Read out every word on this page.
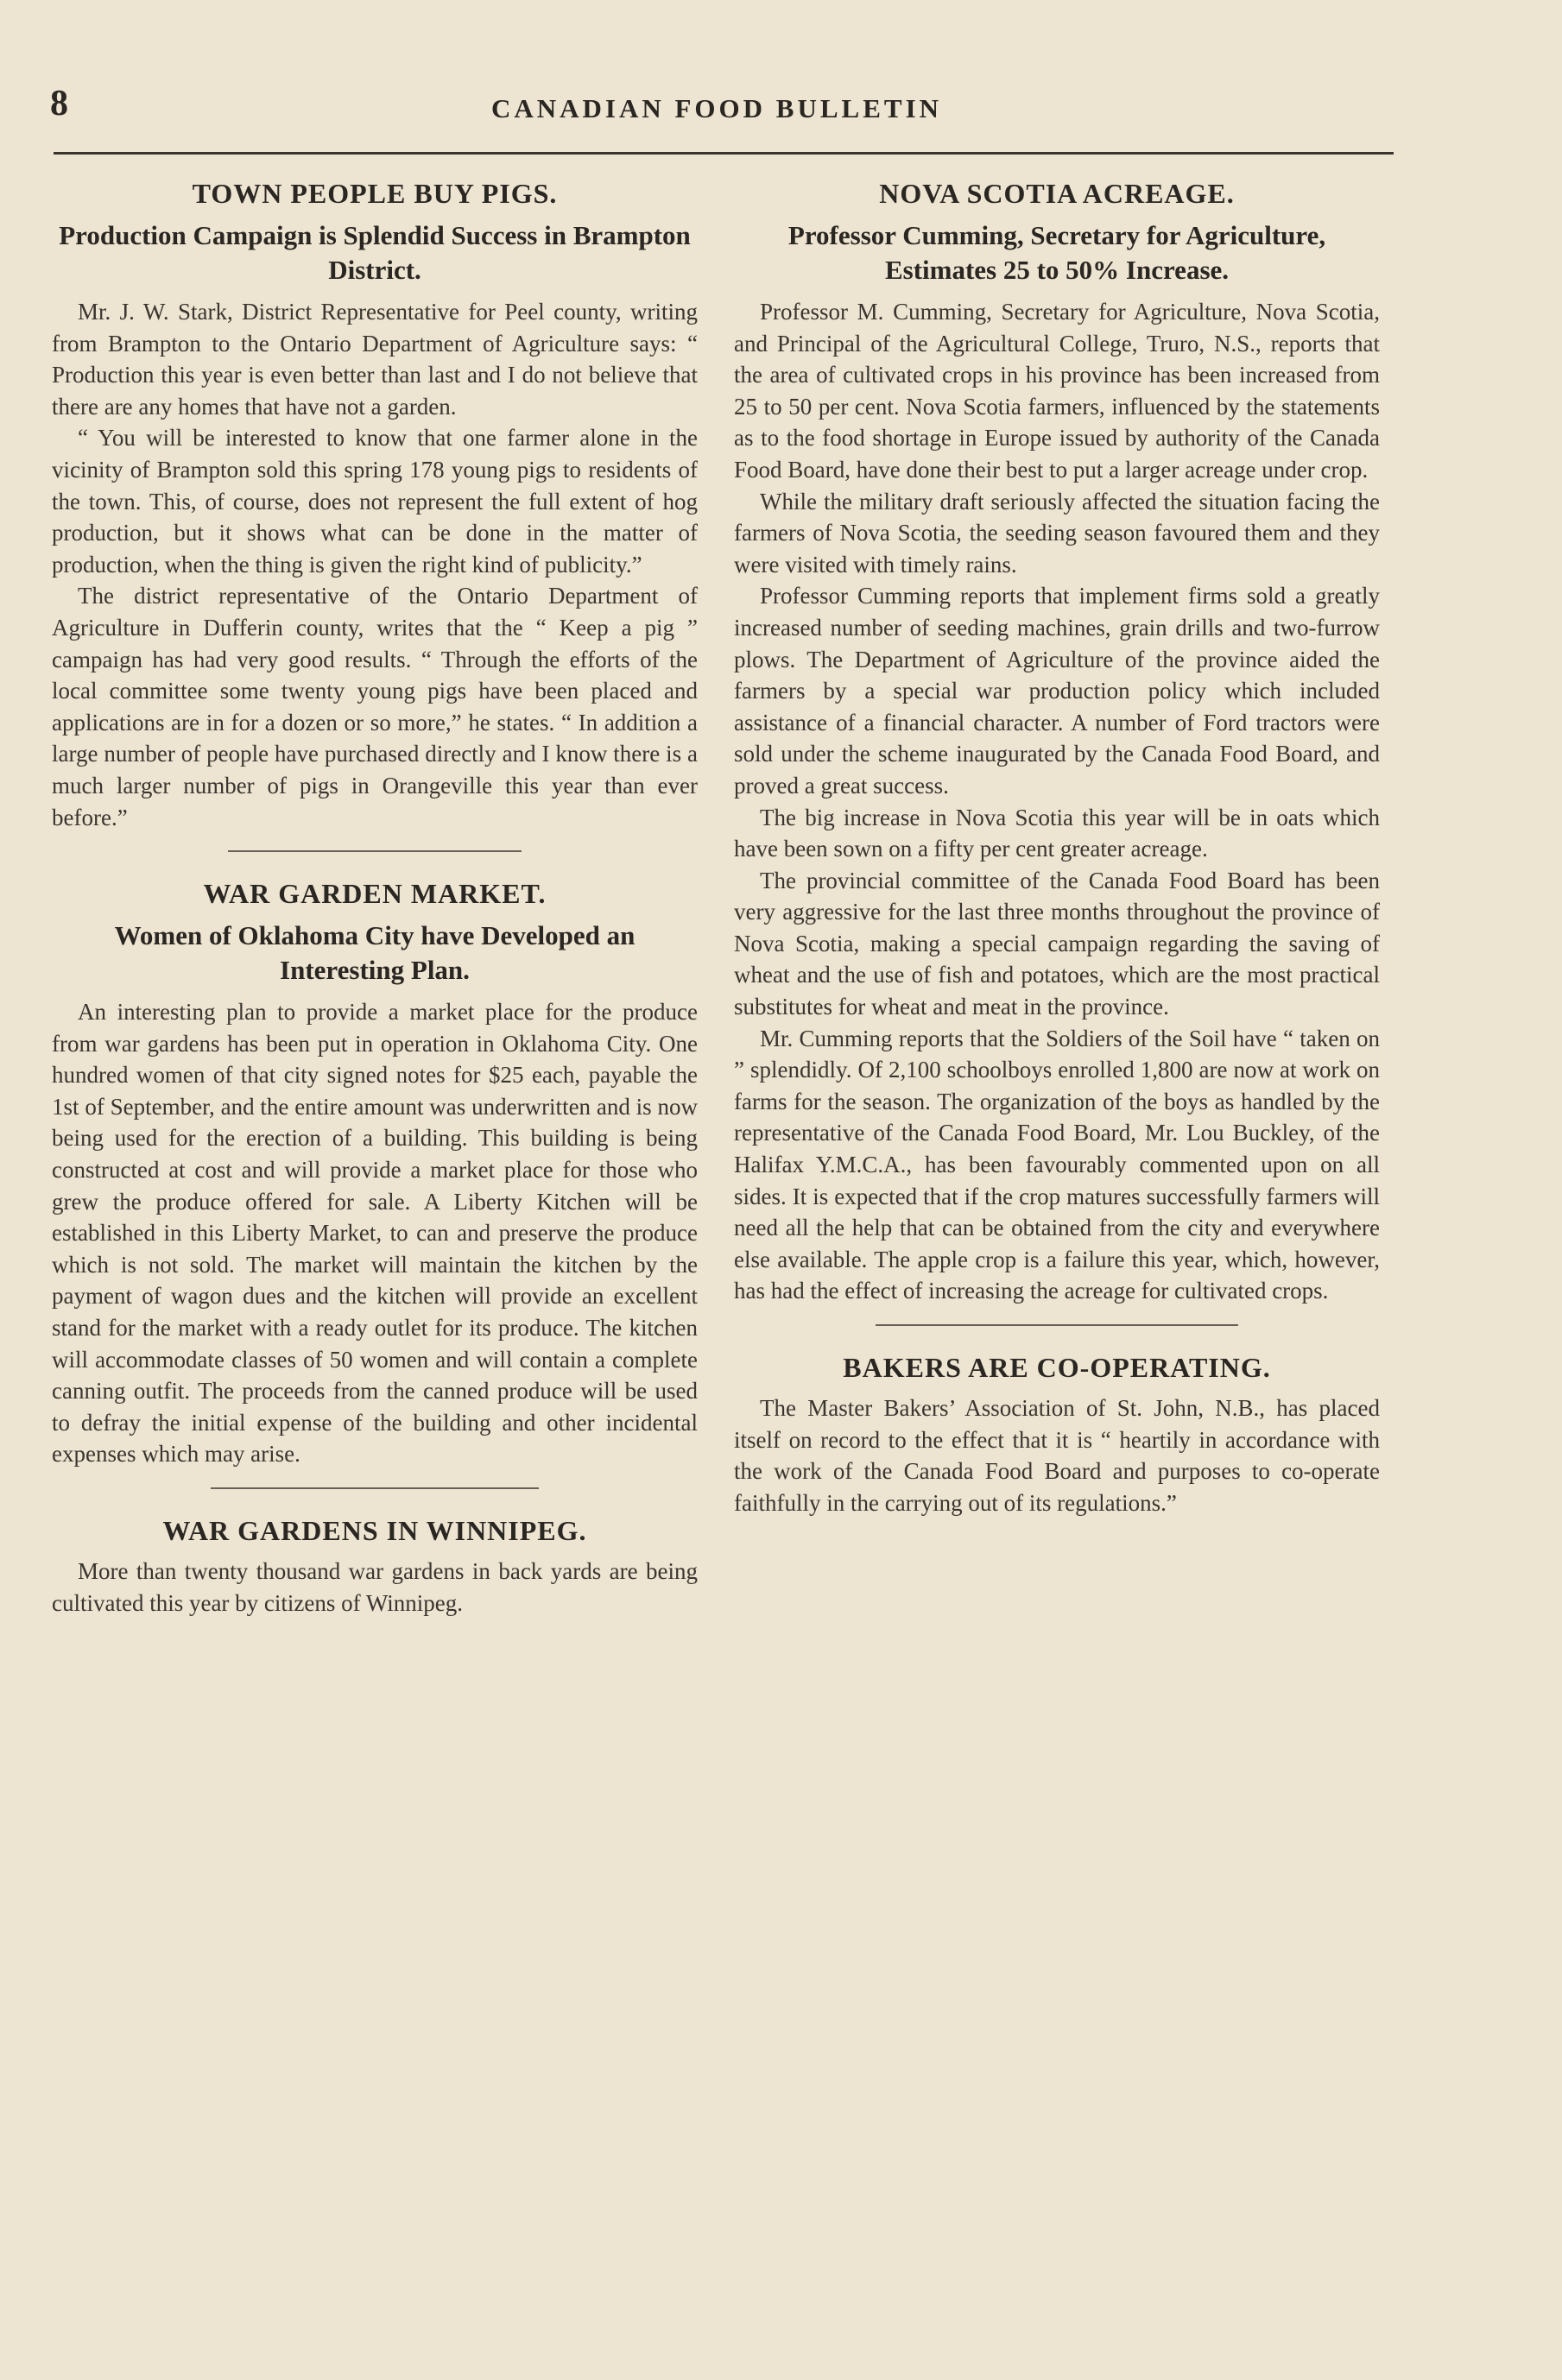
8	CANADIAN FOOD BULLETIN
TOWN PEOPLE BUY PIGS.
Production Campaign is Splendid Success in Brampton District.

Mr. J. W. Stark, District Representative for Peel county, writing from Brampton to the Ontario Department of Agriculture says: “ Production this year is even better than last and I do not believe that there are any homes that have not a garden.

“ You will be interested to know that one farmer alone in the vicinity of Brampton sold this spring 178 young pigs to residents of the town. This, of course, does not represent the full extent of hog production, but it shows what can be done in the matter of production, when the thing is given the right kind of publicity.”

The district representative of the Ontario Department of Agriculture in Dufferin county, writes that the “ Keep a pig ” campaign has had very good results. “ Through the efforts of the local committee some twenty young pigs have been placed and applications are in for a dozen or so more,” he states. “ In addition a large number of people have purchased directly and I know there is a much larger number of pigs in Orangeville this year than ever before.”

WAR GARDEN MARKET.
Women of Oklahoma City have Developed an Interesting Plan.

An interesting plan to provide a market place for the produce from war gardens has been put in operation in Oklahoma City. One hundred women of that city signed notes for $25 each, payable the 1st of September, and the entire amount was underwritten and is now being used for the erection of a building. This building is being constructed at cost and will provide a market place for those who grew the produce offered for sale. A Liberty Kitchen will be established in this Liberty Market, to can and preserve the produce which is not sold. The market will maintain the kitchen by the payment of wagon dues and the kitchen will provide an excellent stand for the market with a ready outlet for its produce. The kitchen will accommodate classes of 50 women and will contain a complete canning outfit. The proceeds from the canned produce will be used to defray the initial expense of the building and other incidental expenses which may arise.

WAR GARDENS IN WINNIPEG.

More than twenty thousand war gardens in back yards are being cultivated this year by citizens of Winnipeg.

NOVA SCOTIA ACREAGE.
Professor Cumming, Secretary for Agriculture, Estimates 25 to 50% Increase.

Professor M. Cumming, Secretary for Agriculture, Nova Scotia, and Principal of the Agricultural College, Truro, N.S., reports that the area of cultivated crops in his province has been increased from 25 to 50 per cent. Nova Scotia farmers, influenced by the statements as to the food shortage in Europe issued by authority of the Canada Food Board, have done their best to put a larger acreage under crop.

While the military draft seriously affected the situation facing the farmers of Nova Scotia, the seeding season favoured them and they were visited with timely rains.

Professor Cumming reports that implement firms sold a greatly increased number of seeding machines, grain drills and two-furrow plows. The Department of Agriculture of the province aided the farmers by a special war production policy which included assistance of a financial character. A number of Ford tractors were sold under the scheme inaugurated by the Canada Food Board, and proved a great success.

The big increase in Nova Scotia this year will be in oats which have been sown on a fifty per cent greater acreage.

The provincial committee of the Canada Food Board has been very aggressive for the last three months throughout the province of Nova Scotia, making a special campaign regarding the saving of wheat and the use of fish and potatoes, which are the most practical substitutes for wheat and meat in the province.

Mr. Cumming reports that the Soldiers of the Soil have “ taken on ” splendidly. Of 2,100 schoolboys enrolled 1,800 are now at work on farms for the season. The organization of the boys as handled by the representative of the Canada Food Board, Mr. Lou Buckley, of the Halifax Y.M.C.A., has been favourably commented upon on all sides. It is expected that if the crop matures successfully farmers will need all the help that can be obtained from the city and everywhere else available. The apple crop is a failure this year, which, however, has had the effect of increasing the acreage for cultivated crops.

BAKERS ARE CO-OPERATING.

The Master Bakers’ Association of St. John, N.B., has placed itself on record to the effect that it is “ heartily in accordance with the work of the Canada Food Board and purposes to co-operate faithfully in the carrying out of its regulations.”
